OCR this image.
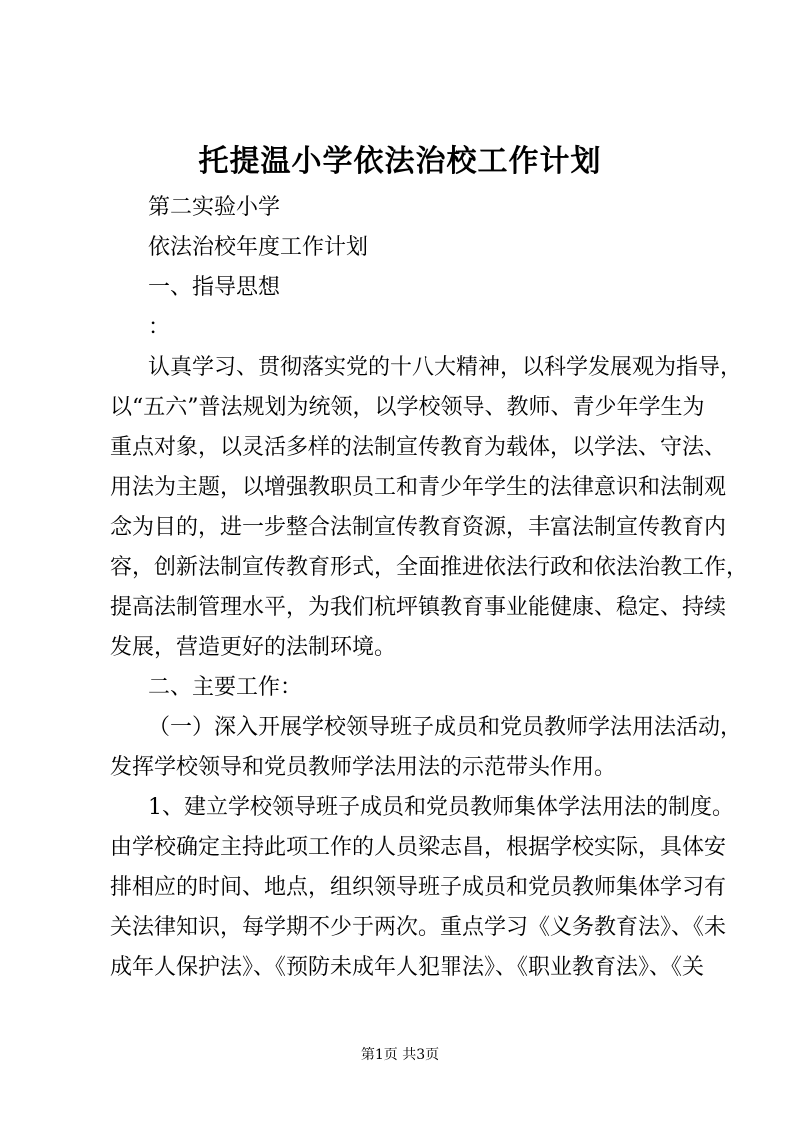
托提温小学依法治校工作计划
第二实验小学
依法治校年度工作计划
一、指导思想
：
认真学习、贯彻落实党的十八大精神，以科学发展观为指导，
以“五六”普法规划为统领，以学校领导、教师、青少年学生为
重点对象，以灵活多样的法制宣传教育为载体，以学法、守法、
用法为主题，以增强教职员工和青少年学生的法律意识和法制观
念为目的，进一步整合法制宣传教育资源，丰富法制宣传教育内
容，创新法制宣传教育形式，全面推进依法行政和依法治教工作，
提高法制管理水平，为我们杭坪镇教育事业能健康、稳定、持续
发展，营造更好的法制环境。
二、主要工作：
（一）深入开展学校领导班子成员和党员教师学法用法活动，
发挥学校领导和党员教师学法用法的示范带头作用。
1、建立学校领导班子成员和党员教师集体学法用法的制度。
由学校确定主持此项工作的人员梁志昌，根据学校实际，具体安
排相应的时间、地点，组织领导班子成员和党员教师集体学习有
关法律知识，每学期不少于两次。重点学习《义务教育法》、《未
成年人保护法》、《预防未成年人犯罪法》、《职业教育法》、《关
第1页 共3页
